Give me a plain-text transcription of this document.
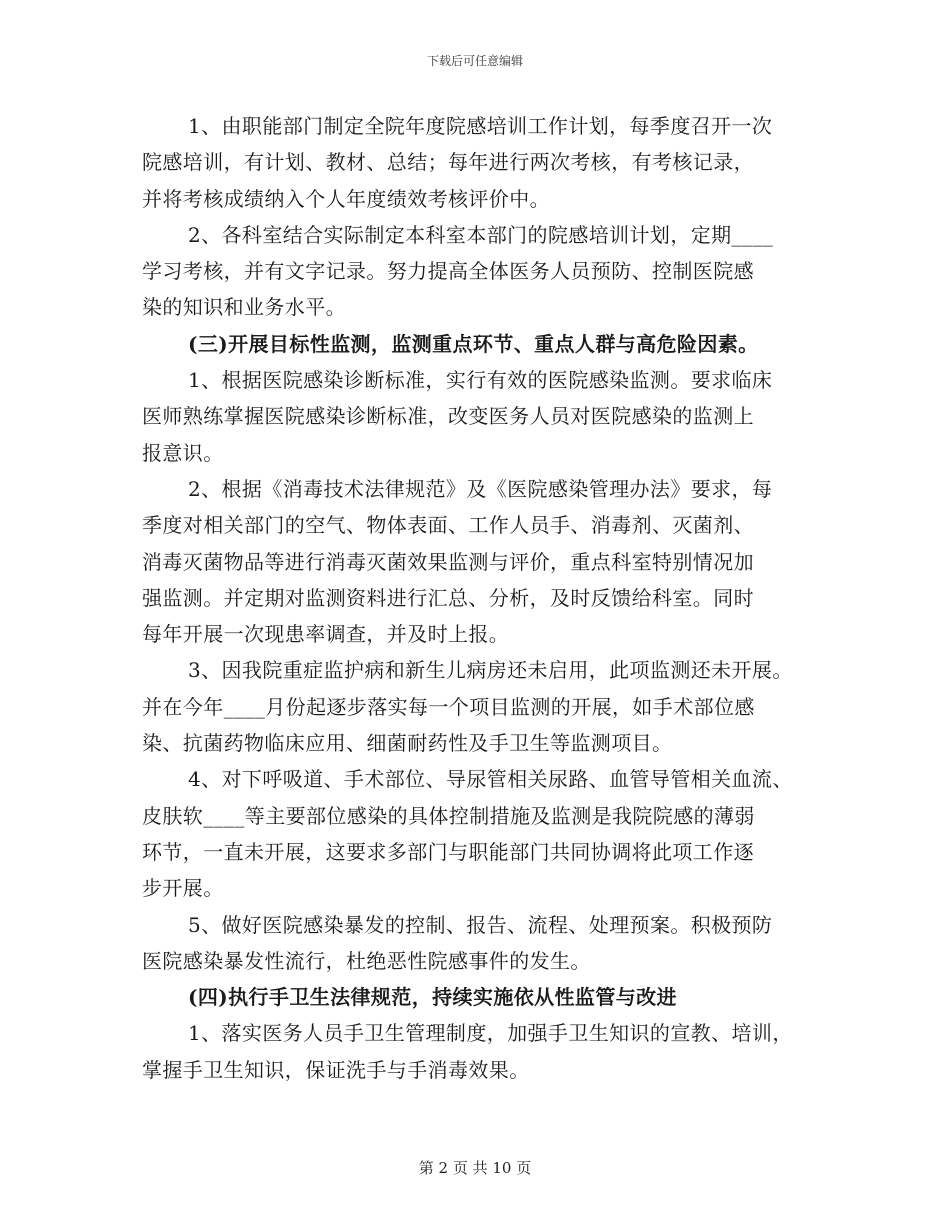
下载后可任意编辑

1、由职能部门制定全院年度院感培训工作计划，每季度召开一次
院感培训，有计划、教材、总结；每年进行两次考核，有考核记录，
并将考核成绩纳入个人年度绩效考核评价中。

2、各科室结合实际制定本科室本部门的院感培训计划，定期____
学习考核，并有文字记录。努力提高全体医务人员预防、控制医院感
染的知识和业务水平。

(三)开展目标性监测，监测重点环节、重点人群与高危险因素。

1、根据医院感染诊断标准，实行有效的医院感染监测。要求临床
医师熟练掌握医院感染诊断标准，改变医务人员对医院感染的监测上
报意识。

2、根据《消毒技术法律规范》及《医院感染管理办法》要求，每
季度对相关部门的空气、物体表面、工作人员手、消毒剂、灭菌剂、
消毒灭菌物品等进行消毒灭菌效果监测与评价，重点科室特别情况加
强监测。并定期对监测资料进行汇总、分析，及时反馈给科室。同时
每年开展一次现患率调查，并及时上报。

3、因我院重症监护病和新生儿病房还未启用，此项监测还未开展。
并在今年____月份起逐步落实每一个项目监测的开展，如手术部位感
染、抗菌药物临床应用、细菌耐药性及手卫生等监测项目。

4、对下呼吸道、手术部位、导尿管相关尿路、血管导管相关血流、
皮肤软____等主要部位感染的具体控制措施及监测是我院院感的薄弱
环节，一直未开展，这要求多部门与职能部门共同协调将此项工作逐
步开展。

5、做好医院感染暴发的控制、报告、流程、处理预案。积极预防
医院感染暴发性流行，杜绝恶性院感事件的发生。

(四)执行手卫生法律规范，持续实施依从性监管与改进

1、落实医务人员手卫生管理制度，加强手卫生知识的宣教、培训，
掌握手卫生知识，保证洗手与手消毒效果。

第 2 页 共 10 页
